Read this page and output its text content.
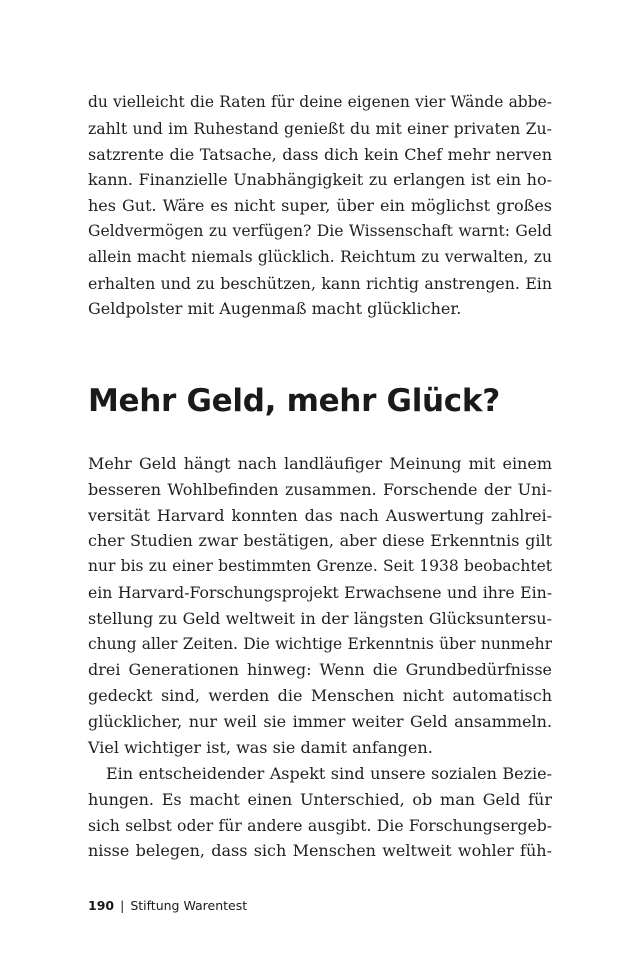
du vielleicht die Raten für deine eigenen vier Wände abbe-
zahlt und im Ruhestand genießt du mit einer privaten Zu-
satzrente die Tatsache, dass dich kein Chef mehr nerven
kann. Finanzielle Unabhängigkeit zu erlangen ist ein ho-
hes Gut. Wäre es nicht super, über ein möglichst großes
Geldvermögen zu verfügen? Die Wissenschaft warnt: Geld
allein macht niemals glücklich. Reichtum zu verwalten, zu
erhalten und zu beschützen, kann richtig anstrengen. Ein
Geldpolster mit Augenmaß macht glücklicher.
Mehr Geld, mehr Glück?
Mehr Geld hängt nach landläufiger Meinung mit einem
besseren Wohlbefinden zusammen. Forschende der Uni-
versität Harvard konnten das nach Auswertung zahlrei-
cher Studien zwar bestätigen, aber diese Erkenntnis gilt
nur bis zu einer bestimmten Grenze. Seit 1938 beobachtet
ein Harvard-Forschungsprojekt Erwachsene und ihre Ein-
stellung zu Geld weltweit in der längsten Glücksuntersu-
chung aller Zeiten. Die wichtige Erkenntnis über nunmehr
drei Generationen hinweg: Wenn die Grundbedürfnisse
gedeckt sind, werden die Menschen nicht automatisch
glücklicher, nur weil sie immer weiter Geld ansammeln.
Viel wichtiger ist, was sie damit anfangen.
Ein entscheidender Aspekt sind unsere sozialen Bezie-
hungen. Es macht einen Unterschied, ob man Geld für
sich selbst oder für andere ausgibt. Die Forschungsergeb-
nisse belegen, dass sich Menschen weltweit wohler füh-
190 | Stiftung Warentest
